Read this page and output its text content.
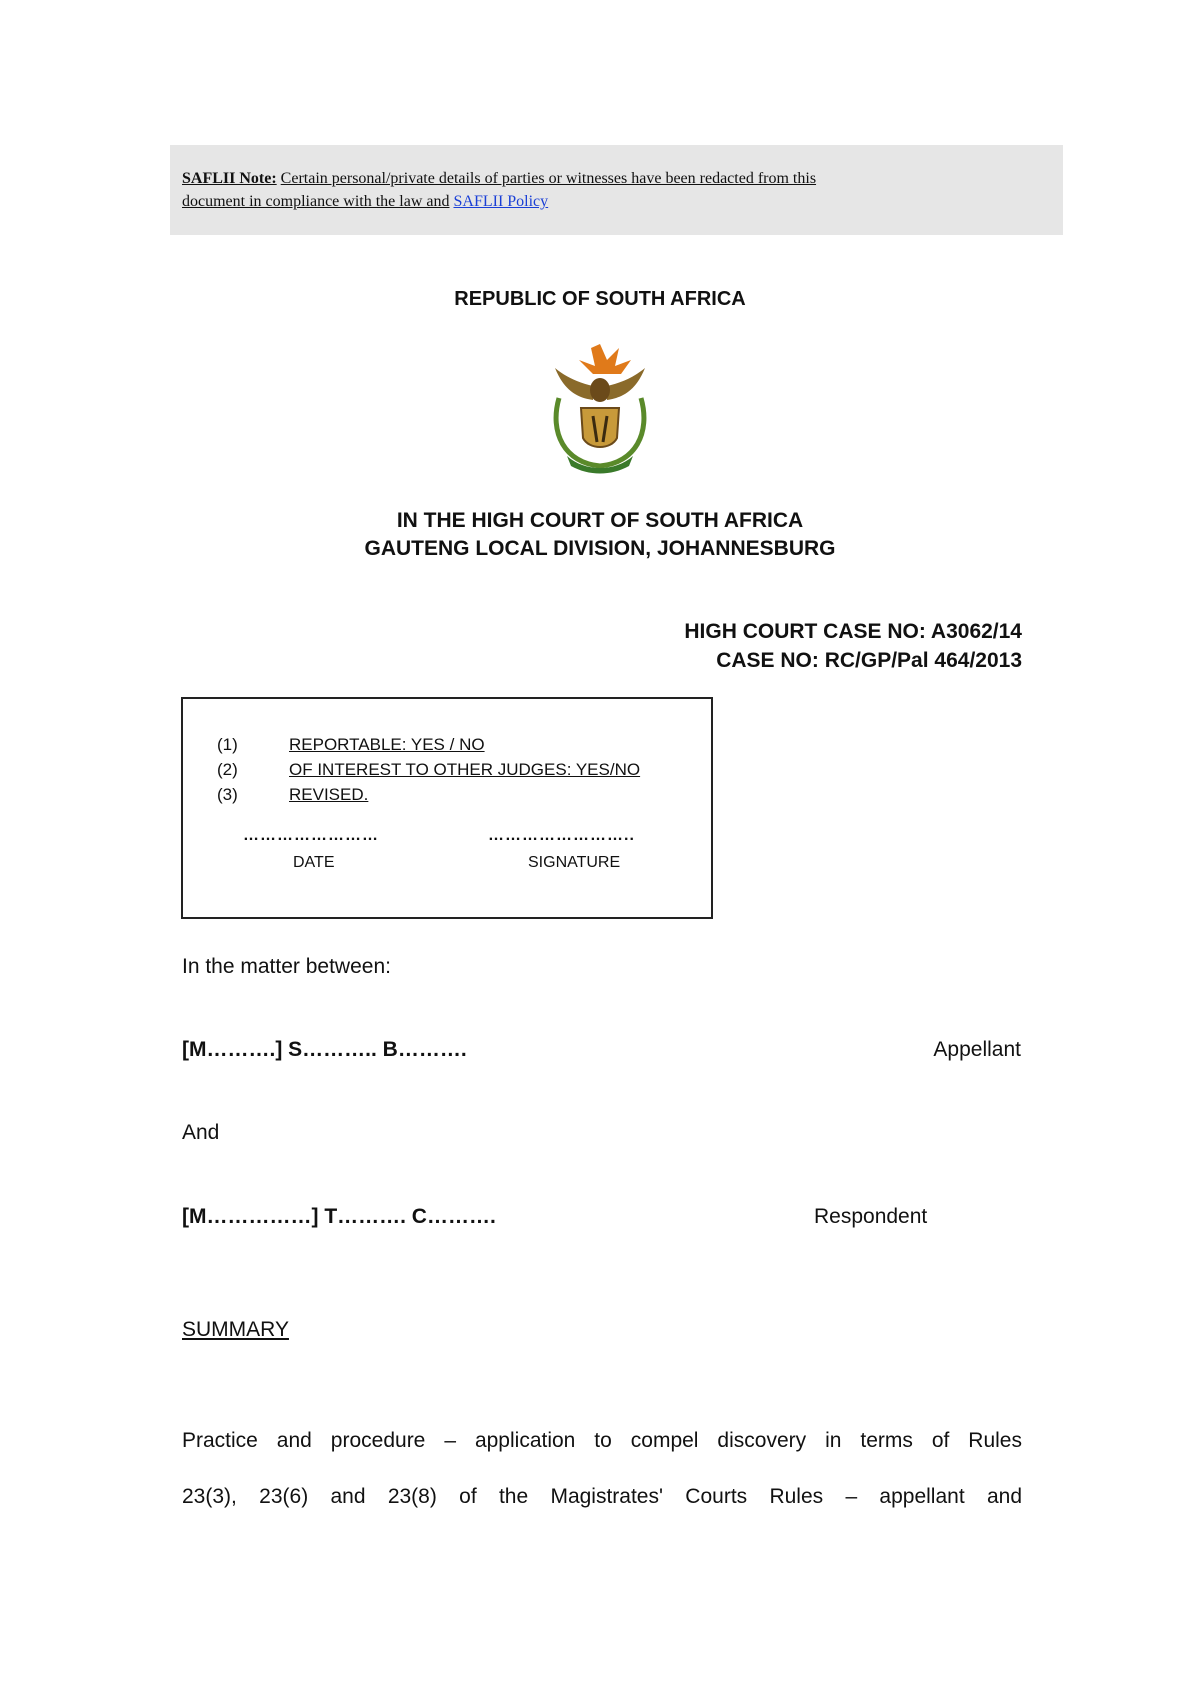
SAFLII Note: Certain personal/private details of parties or witnesses have been redacted from this
document in compliance with the law and SAFLII Policy
REPUBLIC OF SOUTH AFRICA
IN THE HIGH COURT OF SOUTH AFRICA
GAUTENG LOCAL DIVISION, JOHANNESBURG
HIGH COURT CASE NO: A3062/14
CASE NO: RC/GP/Pal 464/2013
(1)	REPORTABLE: YES / NO
(2)	OF INTEREST TO OTHER JUDGES: YES/NO
(3)	REVISED.
……………………	……………………..
DATE	SIGNATURE
In the matter between:
[M……….] S……….. B……….	Appellant
And
[M……………] T………. C……….	Respondent
SUMMARY
Practice and procedure – application to compel discovery in terms of Rules
23(3), 23(6) and 23(8) of the Magistrates' Courts Rules – appellant and
